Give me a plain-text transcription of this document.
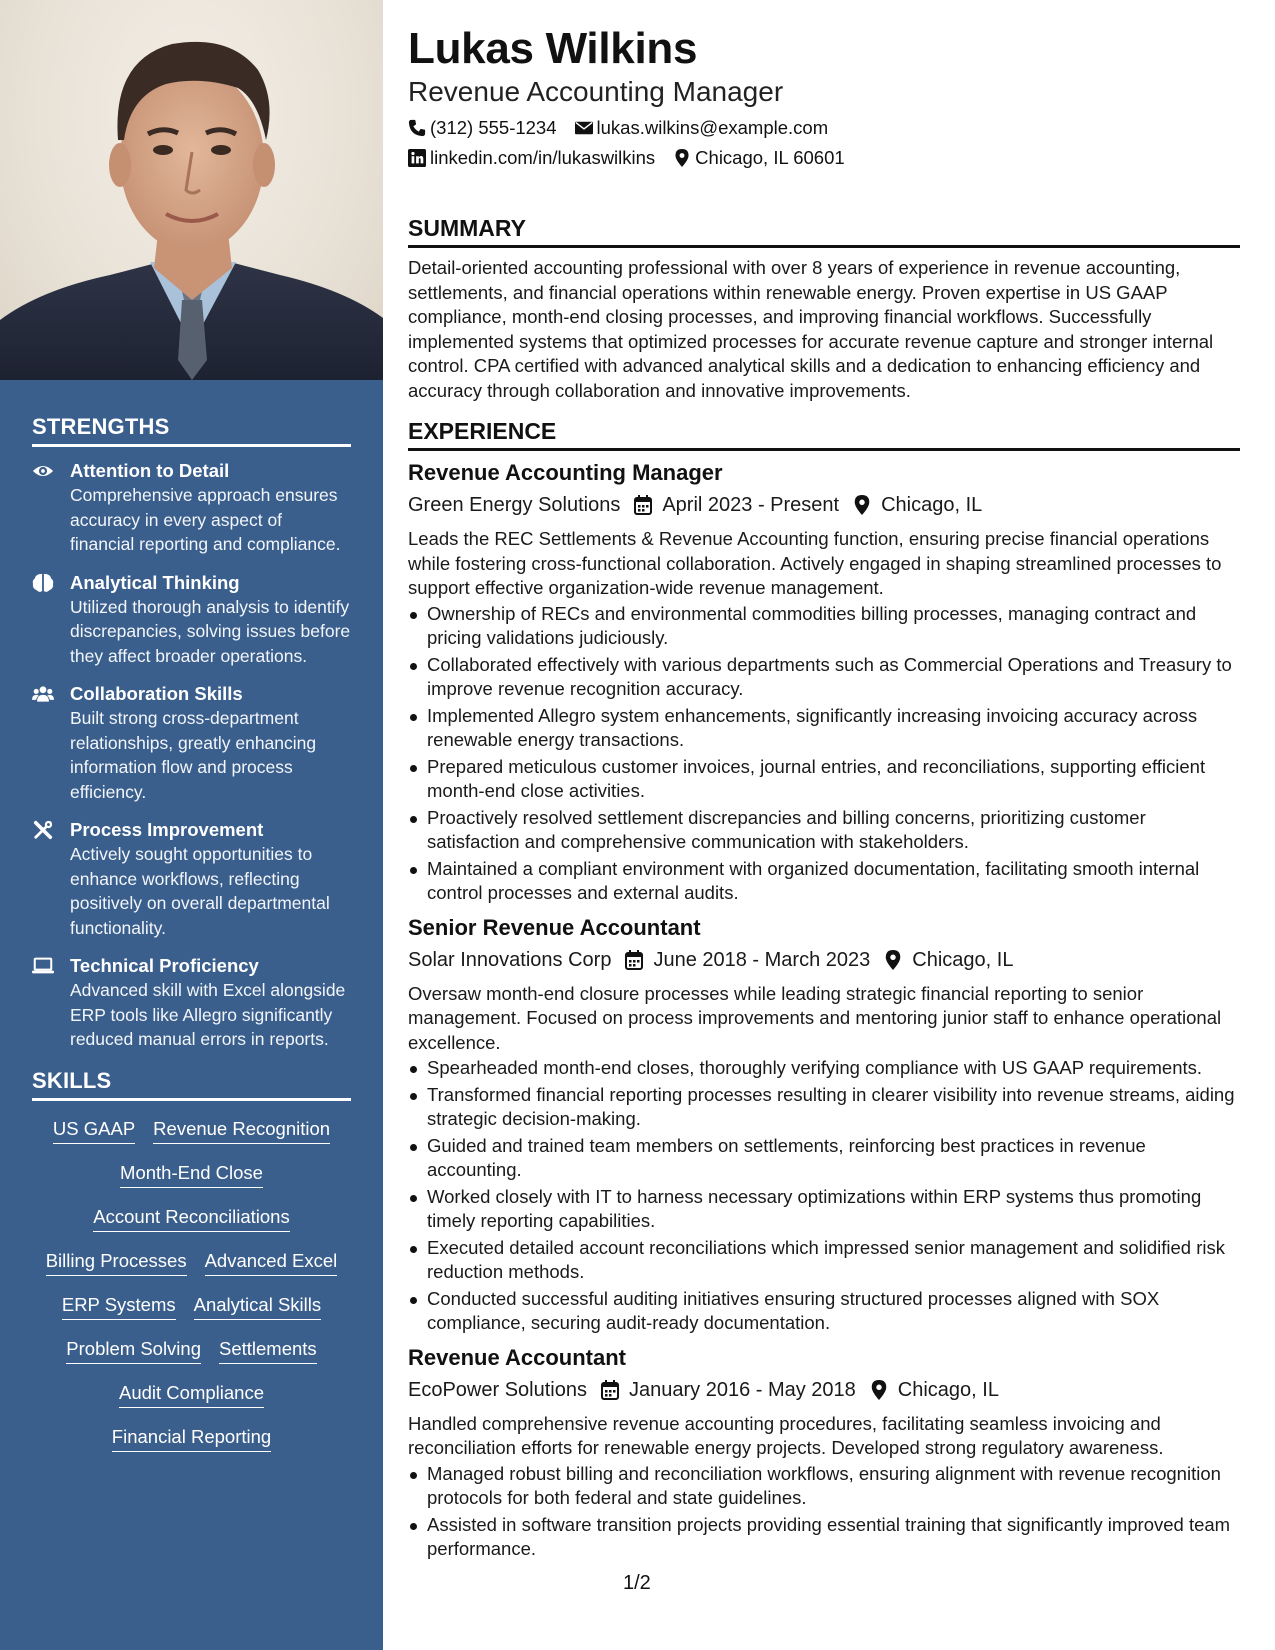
STRENGTHS
Attention to Detail
Comprehensive approach ensures accuracy in every aspect of financial reporting and compliance.
Analytical Thinking
Utilized thorough analysis to identify discrepancies, solving issues before they affect broader operations.
Collaboration Skills
Built strong cross-department relationships, greatly enhancing information flow and process efficiency.
Process Improvement
Actively sought opportunities to enhance workflows, reflecting positively on overall departmental functionality.
Technical Proficiency
Advanced skill with Excel alongside ERP tools like Allegro significantly reduced manual errors in reports.
SKILLS
US GAAP Revenue Recognition
Month-End Close
Account Reconciliations
Billing Processes Advanced Excel
ERP Systems Analytical Skills
Problem Solving Settlements
Audit Compliance
Financial Reporting
Lukas Wilkins
Revenue Accounting Manager
(312) 555-1234 lukas.wilkins@example.com
linkedin.com/in/lukaswilkins Chicago, IL 60601
SUMMARY

Detail-oriented accounting professional with over 8 years of experience in revenue accounting, settlements, and financial operations within renewable energy. Proven expertise in US GAAP compliance, month-end closing processes, and improving financial workflows. Successfully implemented systems that optimized processes for accurate revenue capture and stronger internal control. CPA certified with advanced analytical skills and a dedication to enhancing efficiency and accuracy through collaboration and innovative improvements.

EXPERIENCE
Revenue Accounting Manager
Green Energy Solutions April 2023 - Present Chicago, IL

Leads the REC Settlements & Revenue Accounting function, ensuring precise financial operations while fostering cross-functional collaboration. Actively engaged in shaping streamlined processes to support effective organization-wide revenue management.

Ownership of RECs and environmental commodities billing processes, managing contract and pricing validations judiciously.
Collaborated effectively with various departments such as Commercial Operations and Treasury to improve revenue recognition accuracy.
Implemented Allegro system enhancements, significantly increasing invoicing accuracy across renewable energy transactions.
Prepared meticulous customer invoices, journal entries, and reconciliations, supporting efficient month-end close activities.
Proactively resolved settlement discrepancies and billing concerns, prioritizing customer satisfaction and comprehensive communication with stakeholders.
Maintained a compliant environment with organized documentation, facilitating smooth internal control processes and external audits.
Senior Revenue Accountant
Solar Innovations Corp June 2018 - March 2023 Chicago, IL

Oversaw month-end closure processes while leading strategic financial reporting to senior management. Focused on process improvements and mentoring junior staff to enhance operational excellence.

Spearheaded month-end closes, thoroughly verifying compliance with US GAAP requirements.
Transformed financial reporting processes resulting in clearer visibility into revenue streams, aiding strategic decision-making.
Guided and trained team members on settlements, reinforcing best practices in revenue accounting.
Worked closely with IT to harness necessary optimizations within ERP systems thus promoting timely reporting capabilities.
Executed detailed account reconciliations which impressed senior management and solidified risk reduction methods.
Conducted successful auditing initiatives ensuring structured processes aligned with SOX compliance, securing audit-ready documentation.
Revenue Accountant
EcoPower Solutions January 2016 - May 2018 Chicago, IL

Handled comprehensive revenue accounting procedures, facilitating seamless invoicing and reconciliation efforts for renewable energy projects. Developed strong regulatory awareness.

Managed robust billing and reconciliation workflows, ensuring alignment with revenue recognition protocols for both federal and state guidelines.
Assisted in software transition projects providing essential training that significantly improved team performance.
1/2
